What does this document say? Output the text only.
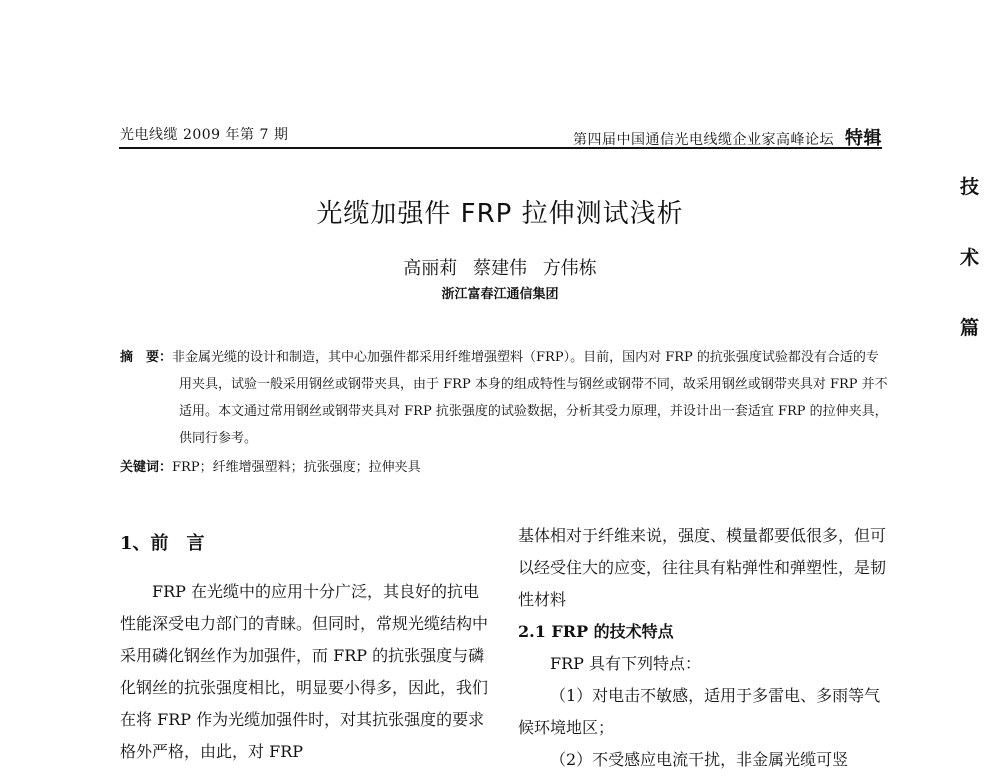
光电线缆 2009 年第 7 期	第四届中国通信光电线缆企业家高峰论坛 特辑
技
术
篇
光缆加强件 FRP 拉伸测试浅析
高丽莉 蔡建伟 方伟栋
浙江富春江通信集团
摘　要：非金属光缆的设计和制造，其中心加强件都采用纤维增强塑料（FRP）。目前，国内对 FRP 的抗张强度试验都没有合适的专用夹具，试验一般采用钢丝或钢带夹具，由于 FRP 本身的组成特性与钢丝或钢带不同，故采用钢丝或钢带夹具对 FRP 并不适用。本文通过常用钢丝或钢带夹具对 FRP 抗张强度的试验数据，分析其受力原理，并设计出一套适宜 FRP 的拉伸夹具，供同行参考。
关键词：FRP；纤维增强塑料；抗张强度；拉伸夹具

1、前　言

FRP 在光缆中的应用十分广泛，其良好的抗电性能深受电力部门的青睐。但同时，常规光缆结构中采用磷化钢丝作为加强件，而 FRP 的抗张强度与磷化钢丝的抗张强度相比，明显要小得多，因此，我们在将 FRP 作为光缆加强件时，对其抗张强度的要求格外严格，由此，对 FRP

基体相对于纤维来说，强度、模量都要低很多，但可以经受住大的应变，往往具有粘弹性和弹塑性，是韧性材料

2.1 FRP 的技术特点

FRP 具有下列特点：

（1）对电击不敏感，适用于多雷电、多雨等气候环境地区；

（2）不受感应电流干扰，非金属光缆可竖
